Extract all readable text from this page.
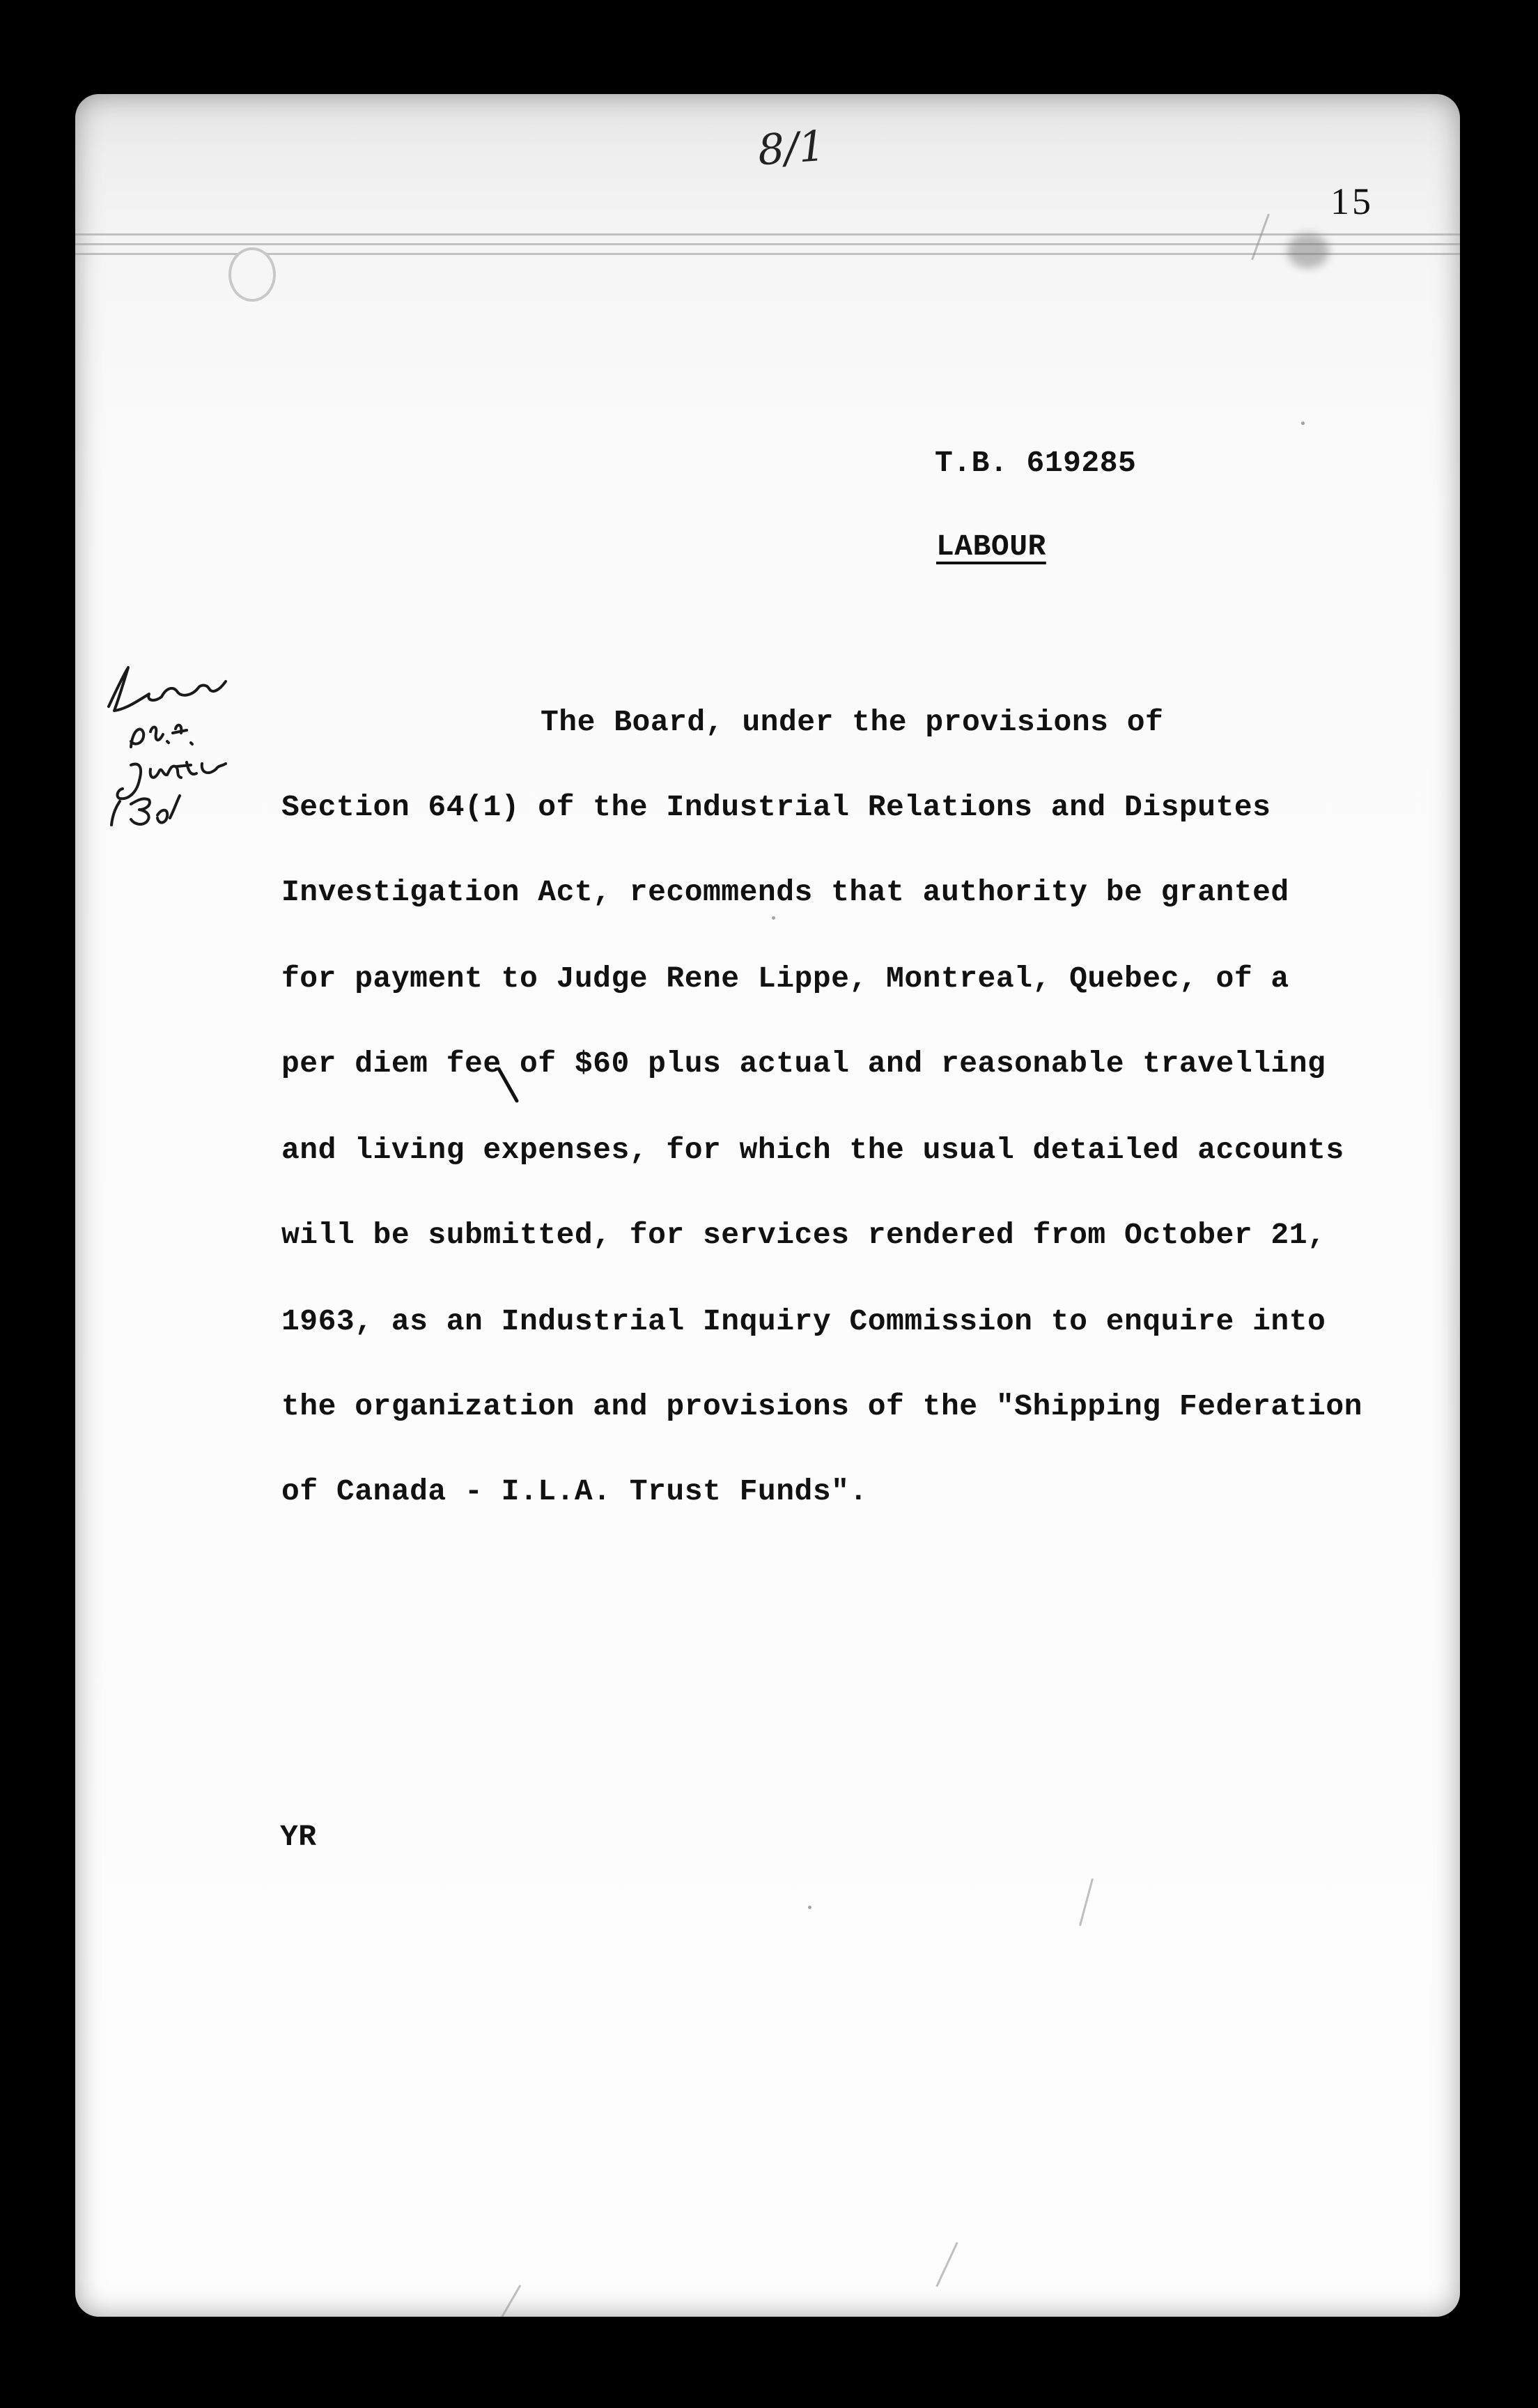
8/1
15
T.B. 619285
LABOUR
The Board, under the provisions of
Section 64(1) of the Industrial Relations and Disputes
Investigation Act, recommends that authority be granted
for payment to Judge Rene Lippe, Montreal, Quebec, of a
per diem fee of $60 plus actual and reasonable travelling
and living expenses, for which the usual detailed accounts
will be submitted, for services rendered from October 21,
1963, as an Industrial Inquiry Commission to enquire into
the organization and provisions of the "Shipping Federation
of Canada - I.L.A. Trust Funds".
YR
